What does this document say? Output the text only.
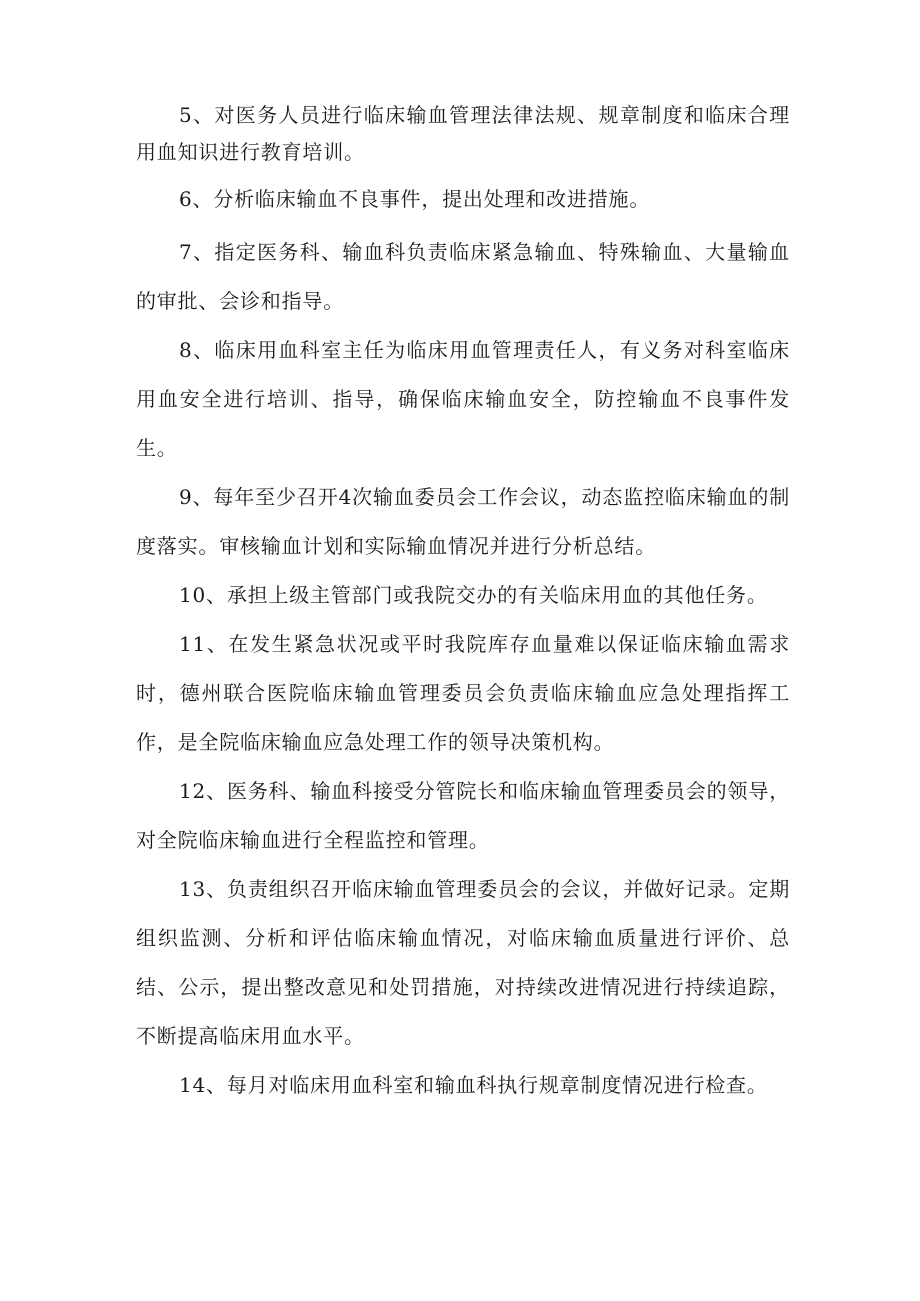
5、对医务人员进行临床输血管理法律法规、规章制度和临床合理用血知识进行教育培训。

6、分析临床输血不良事件，提出处理和改进措施。

7、指定医务科、输血科负责临床紧急输血、特殊输血、大量输血的审批、会诊和指导。

8、临床用血科室主任为临床用血管理责任人，有义务对科室临床用血安全进行培训、指导，确保临床输血安全，防控输血不良事件发生。

9、每年至少召开4次输血委员会工作会议，动态监控临床输血的制度落实。审核输血计划和实际输血情况并进行分析总结。

10、承担上级主管部门或我院交办的有关临床用血的其他任务。

11、在发生紧急状况或平时我院库存血量难以保证临床输血需求时，德州联合医院临床输血管理委员会负责临床输血应急处理指挥工作，是全院临床输血应急处理工作的领导决策机构。

12、医务科、输血科接受分管院长和临床输血管理委员会的领导，对全院临床输血进行全程监控和管理。

13、负责组织召开临床输血管理委员会的会议，并做好记录。定期组织监测、分析和评估临床输血情况，对临床输血质量进行评价、总结、公示，提出整改意见和处罚措施，对持续改进情况进行持续追踪，不断提高临床用血水平。

14、每月对临床用血科室和输血科执行规章制度情况进行检查。
